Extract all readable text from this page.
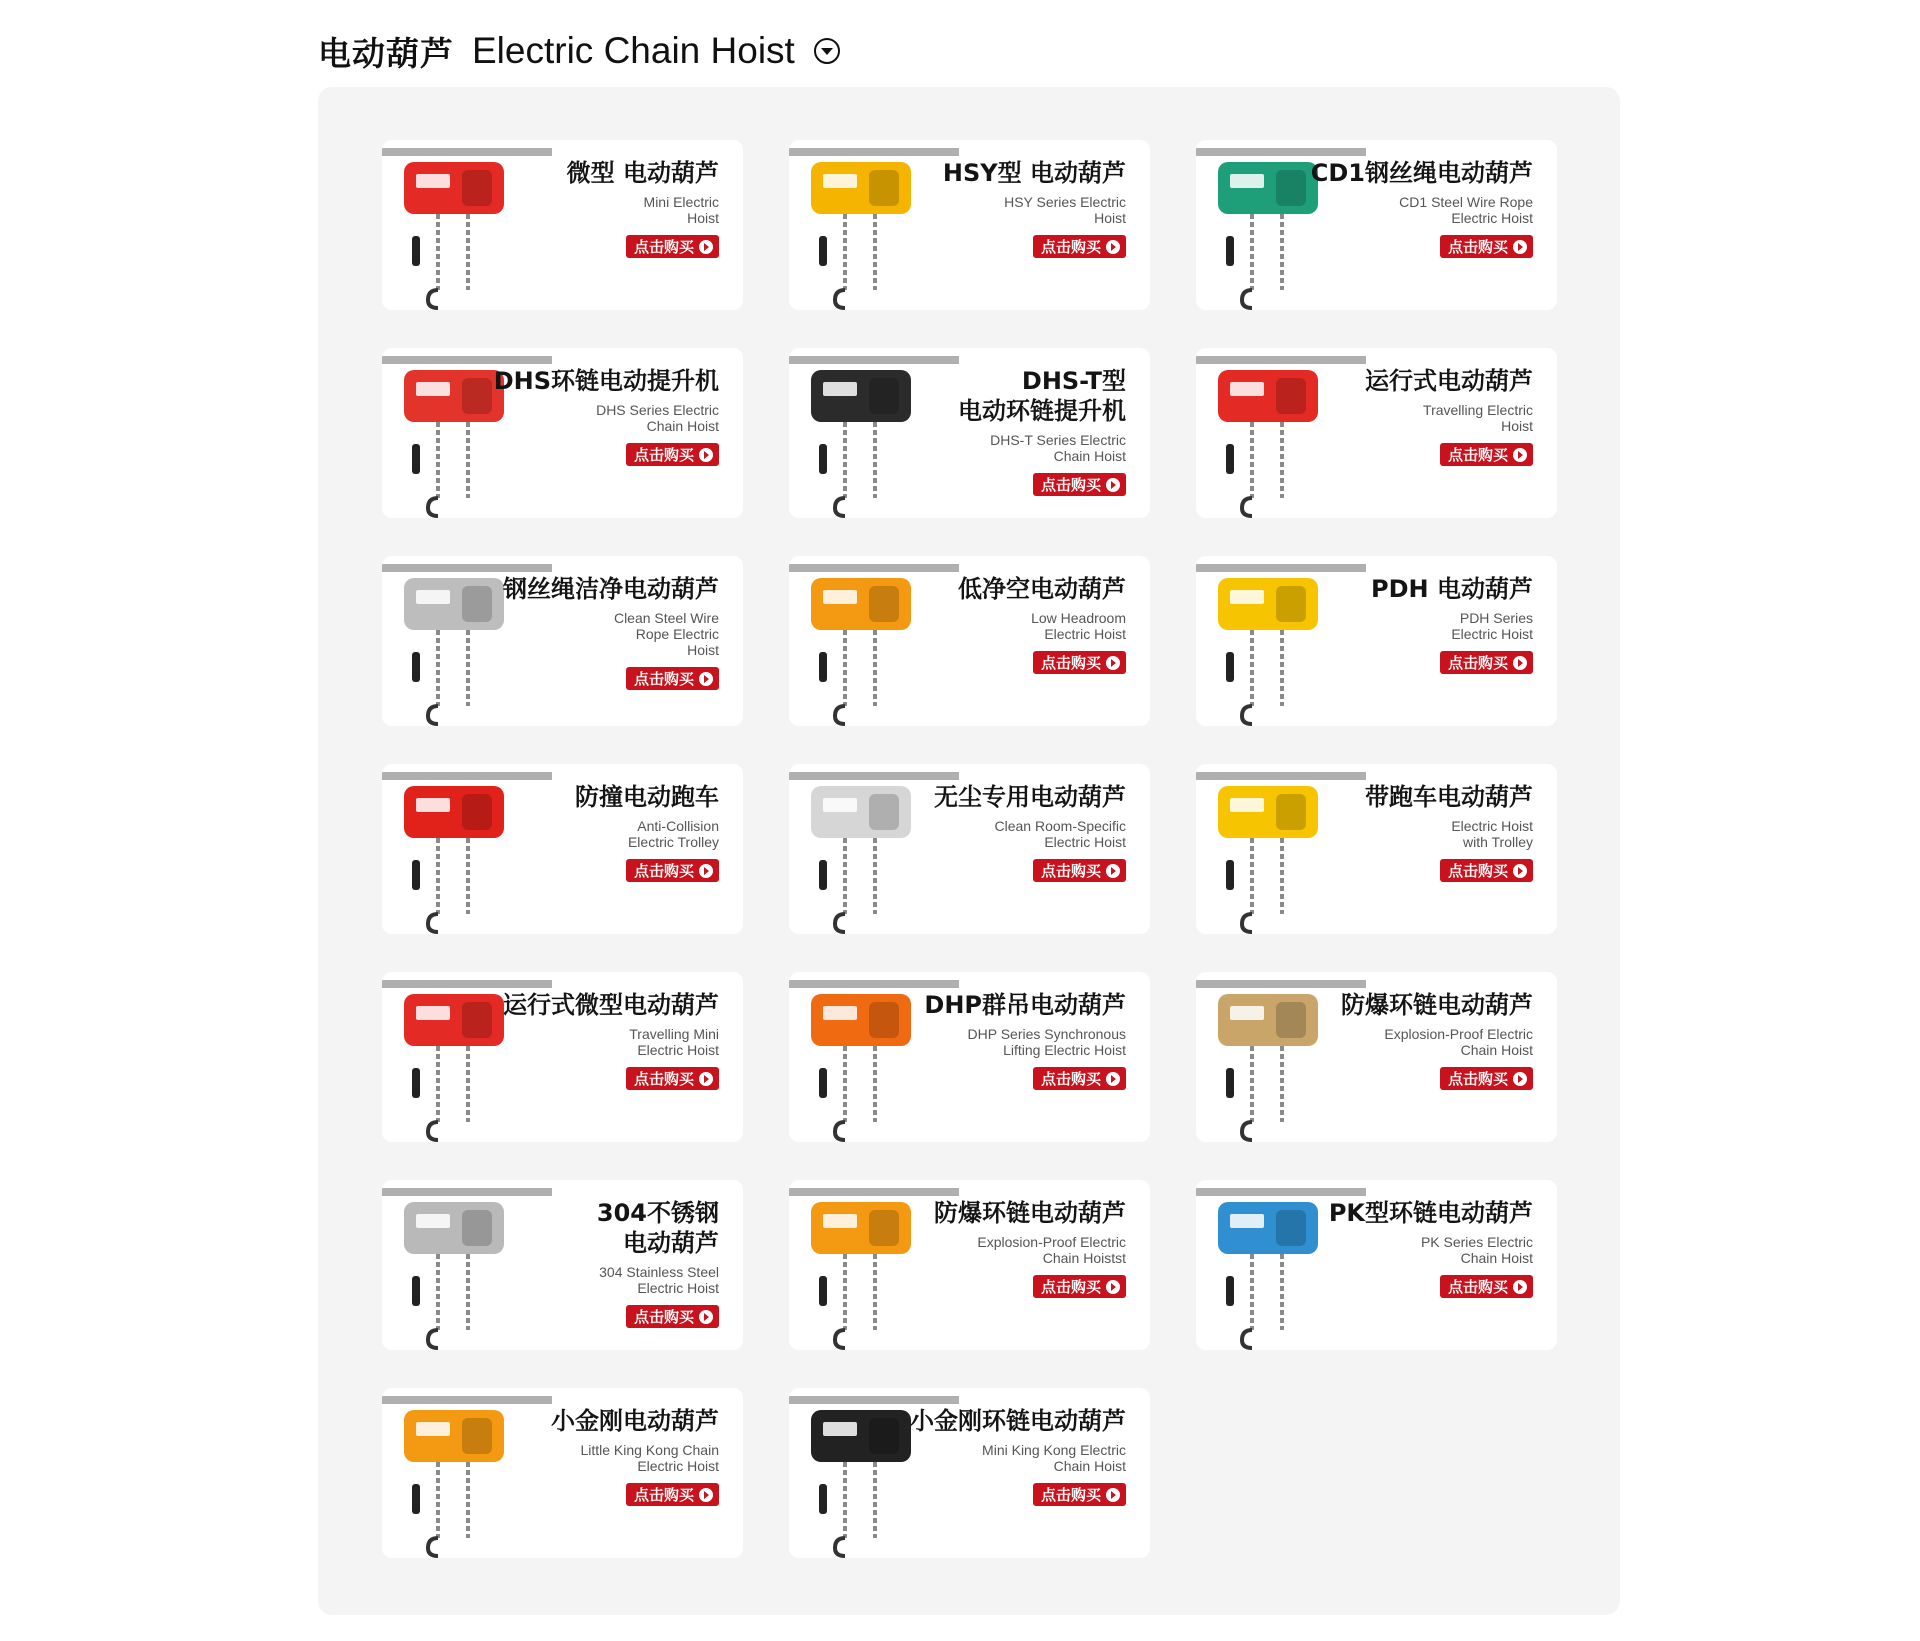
电动葫芦 Electric Chain Hoist
微型 电动葫芦
Mini Electric
Hoist
点击购买
HSY型 电动葫芦
HSY Series Electric
Hoist
点击购买
CD1钢丝绳电动葫芦
CD1 Steel Wire Rope
Electric Hoist
点击购买
DHS环链电动提升机
DHS Series Electric
Chain Hoist
点击购买
DHS-T型
电动环链提升机
DHS-T Series Electric
Chain Hoist
点击购买
运行式电动葫芦
Travelling Electric
Hoist
点击购买
钢丝绳洁净电动葫芦
Clean Steel Wire
Rope Electric
Hoist
点击购买
低净空电动葫芦
Low Headroom
Electric Hoist
点击购买
PDH 电动葫芦
PDH Series
Electric Hoist
点击购买
防撞电动跑车
Anti-Collision
Electric Trolley
点击购买
无尘专用电动葫芦
Clean Room-Specific
Electric Hoist
点击购买
带跑车电动葫芦
Electric Hoist
with Trolley
点击购买
运行式微型电动葫芦
Travelling Mini
Electric Hoist
点击购买
DHP群吊电动葫芦
DHP Series Synchronous
Lifting Electric Hoist
点击购买
防爆环链电动葫芦
Explosion-Proof Electric
Chain Hoist
点击购买
304不锈钢
电动葫芦
304 Stainless Steel
Electric Hoist
点击购买
防爆环链电动葫芦
Explosion-Proof Electric
Chain Hoistst
点击购买
PK型环链电动葫芦
PK Series Electric
Chain Hoist
点击购买
小金刚电动葫芦
Little King Kong Chain
Electric Hoist
点击购买
小金刚环链电动葫芦
Mini King Kong Electric
Chain Hoist
点击购买
